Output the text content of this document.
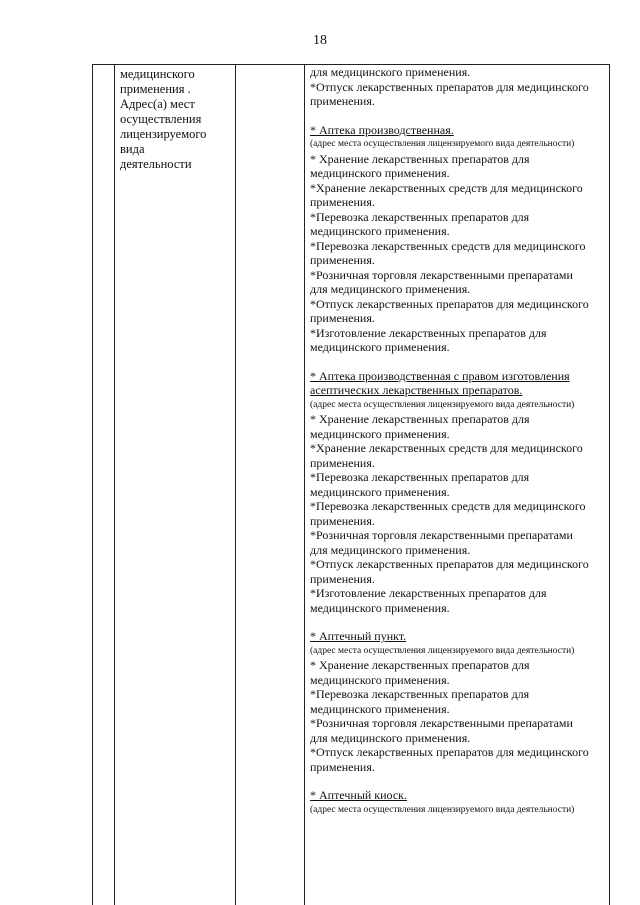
18
медицинского
применения .
Адрес(а) мест
осуществления
лицензируемого
вида
деятельности
для медицинского применения.
*Отпуск лекарственных препаратов для медицинского
применения.
* Аптека производственная.
(адрес места осуществления лицензируемого вида деятельности)
* Хранение лекарственных препаратов для
медицинского применения.
*Хранение лекарственных средств для медицинского
применения.
*Перевозка лекарственных препаратов для
медицинского применения.
*Перевозка лекарственных средств для медицинского
применения.
*Розничная торговля лекарственными препаратами
для медицинского применения.
*Отпуск лекарственных препаратов для медицинского
применения.
*Изготовление лекарственных препаратов для
медицинского применения.
* Аптека производственная с правом изготовления
асептических лекарственных препаратов.
(адрес места осуществления лицензируемого вида деятельности)
* Хранение лекарственных препаратов для
медицинского применения.
*Хранение лекарственных средств для медицинского
применения.
*Перевозка лекарственных препаратов для
медицинского применения.
*Перевозка лекарственных средств для медицинского
применения.
*Розничная торговля лекарственными препаратами
для медицинского применения.
*Отпуск лекарственных препаратов для медицинского
применения.
*Изготовление лекарственных препаратов для
медицинского применения.
* Аптечный пункт.
(адрес места осуществления лицензируемого вида деятельности)
* Хранение лекарственных препаратов для
медицинского применения.
*Перевозка лекарственных препаратов для
медицинского применения.
*Розничная торговля лекарственными препаратами
для медицинского применения.
*Отпуск лекарственных препаратов для медицинского
применения.
* Аптечный киоск.
(адрес места осуществления лицензируемого вида деятельности)
